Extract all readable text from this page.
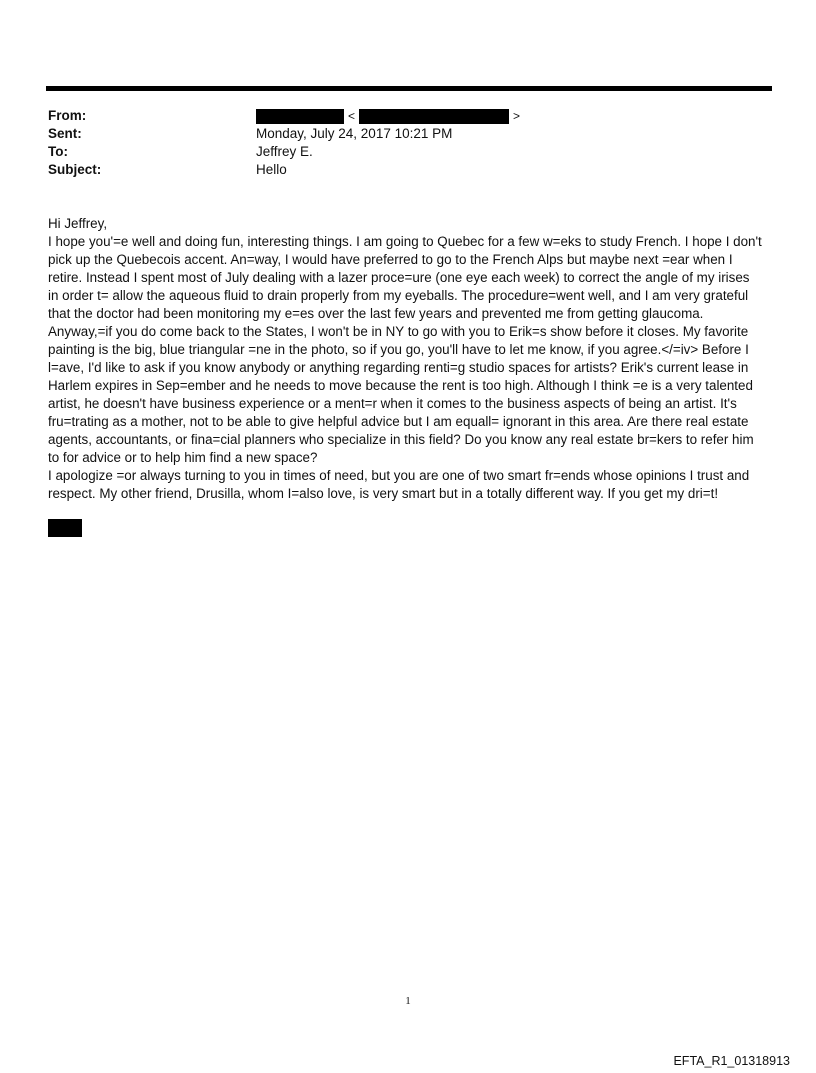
From:	<	>
Sent:	Monday, July 24, 2017 10:21 PM
To:	Jeffrey E.
Subject:	Hello
Hi Jeffrey,
I hope you'=e well and doing fun, interesting things. I am going to Quebec for a few w=eks to study French. I hope I don't
pick up the Quebecois accent. An=way, I would have preferred to go to the French Alps but maybe next =ear when I
retire. Instead I spent most of July dealing with a lazer proce=ure (one eye each week) to correct the angle of my irises
in order t= allow the aqueous fluid to drain properly from my eyeballs. The procedure=went well, and I am very grateful
that the doctor had been monitoring my e=es over the last few years and prevented me from getting glaucoma.
Anyway,=if you do come back to the States, I won't be in NY to go with you to Erik=s show before it closes. My favorite
painting is the big, blue triangular =ne in the photo, so if you go, you'll have to let me know, if you agree.</=iv> Before I
l=ave, I'd like to ask if you know anybody or anything regarding renti=g studio spaces for artists? Erik's current lease in
Harlem expires in Sep=ember and he needs to move because the rent is too high. Although I think =e is a very talented
artist, he doesn't have business experience or a ment=r when it comes to the business aspects of being an artist. It's
fru=trating as a mother, not to be able to give helpful advice but I am equall= ignorant in this area. Are there real estate
agents, accountants, or fina=cial planners who specialize in this field? Do you know any real estate br=kers to refer him
to for advice or to help him find a new space?
I apologize =or always turning to you in times of need, but you are one of two smart fr=ends whose opinions I trust and
respect. My other friend, Drusilla, whom I=also love, is very smart but in a totally different way. If you get my dri=t!
1
EFTA_R1_01318913
